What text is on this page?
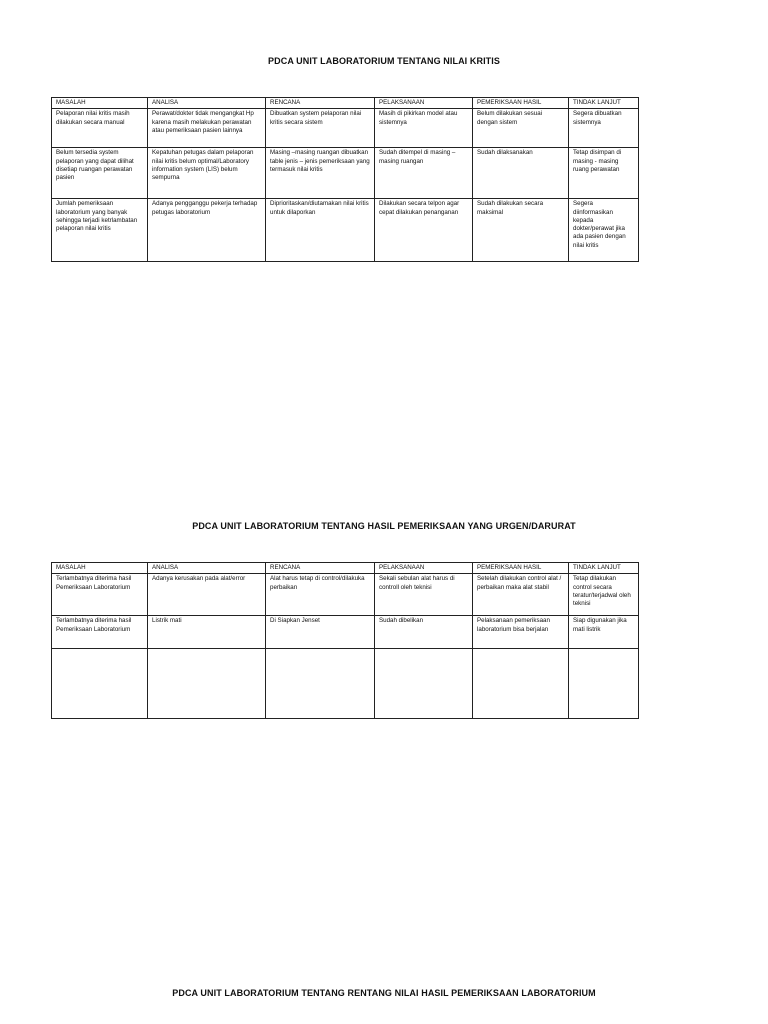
PDCA UNIT LABORATORIUM TENTANG NILAI KRITIS
MASALAH	ANALISA	RENCANA	PELAKSANAAN	PEMERIKSAAN HASIL	TINDAK LANJUT
Pelaporan nilai kritis masih dilakukan secara manual	Perawat/dokter tidak mengangkat Hp karena masih melakukan perawatan atau pemeriksaan pasien lainnya	Dibuatkan system pelaporan nilai kritis secara sistem	Masih di pikirkan model atau sistemnya	Belum dilakukan sesuai dengan sistem	Segera dibuatkan sistemnya
Belum tersedia system pelaporan yang dapat dilihat disetiap ruangan perawatan pasien	Kepatuhan petugas dalam pelaporan nilai kritis belum optimal/Laboratory information system (LIS) belum sempurna	Masing –masing ruangan dibuatkan table jenis – jenis pemeriksaan yang termasuk nilai kritis	Sudah ditempel di masing – masing ruangan	Sudah dilaksanakan	Tetap disimpan di masing - masing ruang perawatan
Jumlah pemeriksaan laboratorium yang banyak sehingga terjadi ketrlambatan pelaporan nilai kritis	Adanya pengganggu pekerja terhadap petugas laboratorium	Diprioritaskan/diutamakan nilai kritis untuk dilaporkan	Dilakukan secara telpon agar cepat dilakukan penanganan	Sudah dilakukan secara maksimal	Segera diinformasikan kepada dokter/perawat jika ada pasien dengan nilai kritis
PDCA UNIT LABORATORIUM TENTANG HASIL PEMERIKSAAN YANG URGEN/DARURAT
MASALAH	ANALISA	RENCANA	PELAKSANAAN	PEMERIKSAAN HASIL	TINDAK LANJUT
Terlambatnya diterima hasil Pemeriksaan Laboratorium	Adanya kerusakan pada alat/error	Alat harus tetap di control/dilakuka perbaikan	Sekali sebulan alat harus di controll oleh teknisi	Setelah dilakukan control alat / perbaikan maka alat stabil	Tetap dilakukan control secara teratur/terjadwal oleh teknisi
Terlambatnya diterima hasil Pemeriksaan Laboratorium	Listrik mati	Di Siapkan Jenset	Sudah dibelikan	Pelaksanaan pemeriksaan laboratorium bisa berjalan	Siap digunakan jika mati listrik

PDCA UNIT LABORATORIUM TENTANG RENTANG NILAI HASIL PEMERIKSAAN LABORATORIUM
